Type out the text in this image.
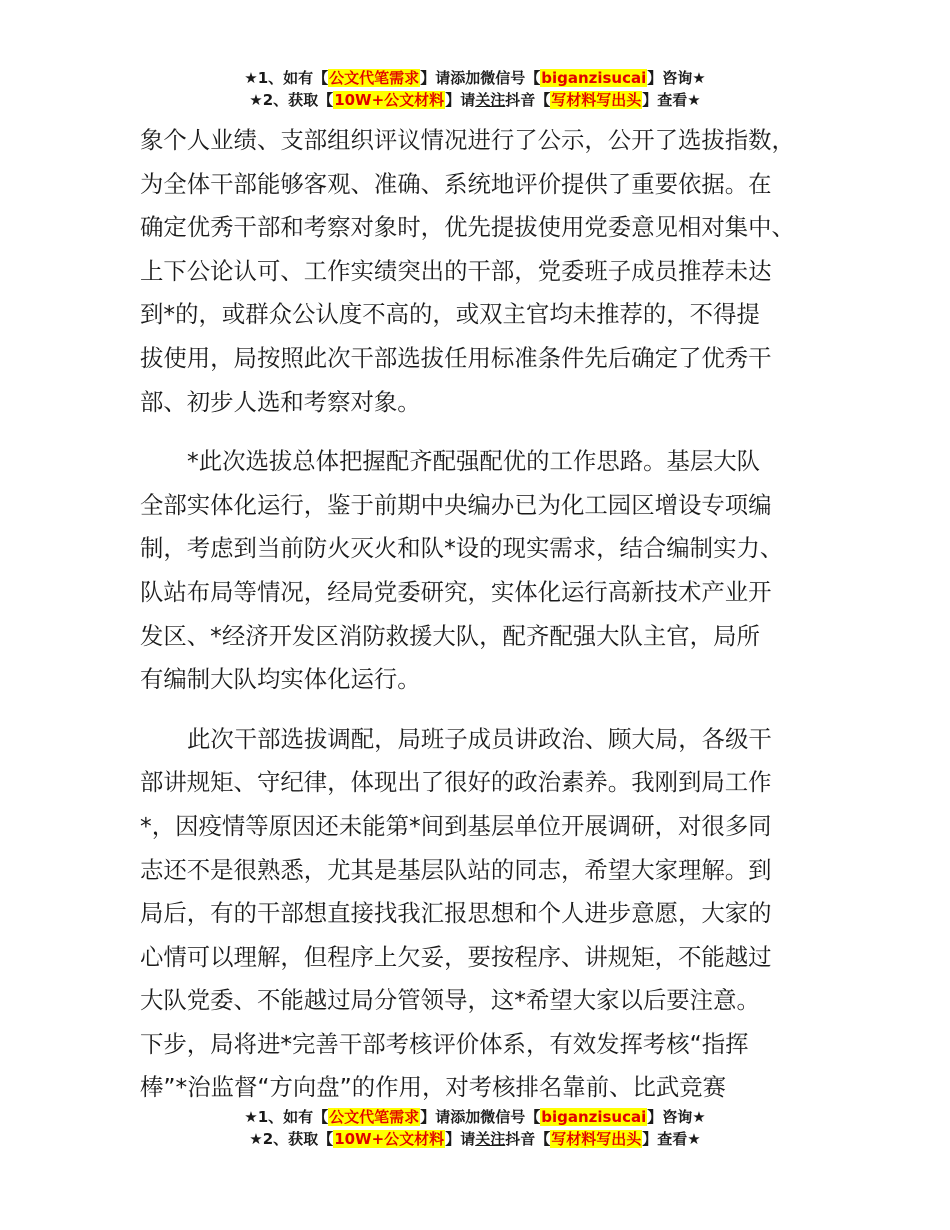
★1、如有【公文代笔需求】请添加微信号【biganzisucai】咨询★
★2、获取【10W+公文材料】请关注抖音【写材料写出头】查看★

象个人业绩、支部组织评议情况进行了公示，公开了选拔指数，
为全体干部能够客观、准确、系统地评价提供了重要依据。在
确定优秀干部和考察对象时，优先提拔使用党委意见相对集中、
上下公论认可、工作实绩突出的干部，党委班子成员推荐未达
到*的，或群众公认度不高的，或双主官均未推荐的，不得提
拔使用，局按照此次干部选拔任用标准条件先后确定了优秀干
部、初步人选和考察对象。

*此次选拔总体把握配齐配强配优的工作思路。基层大队
全部实体化运行，鉴于前期中央编办已为化工园区增设专项编
制，考虑到当前防火灭火和队*设的现实需求，结合编制实力、
队站布局等情况，经局党委研究，实体化运行高新技术产业开
发区、*经济开发区消防救援大队，配齐配强大队主官，局所
有编制大队均实体化运行。

此次干部选拔调配，局班子成员讲政治、顾大局，各级干
部讲规矩、守纪律，体现出了很好的政治素养。我刚到局工作
*，因疫情等原因还未能第*间到基层单位开展调研，对很多同
志还不是很熟悉，尤其是基层队站的同志，希望大家理解。到
局后，有的干部想直接找我汇报思想和个人进步意愿，大家的
心情可以理解，但程序上欠妥，要按程序、讲规矩，不能越过
大队党委、不能越过局分管领导，这*希望大家以后要注意。
下步，局将进*完善干部考核评价体系，有效发挥考核“指挥
棒”*治监督“方向盘”的作用，对考核排名靠前、比武竞赛

★1、如有【公文代笔需求】请添加微信号【biganzisucai】咨询★
★2、获取【10W+公文材料】请关注抖音【写材料写出头】查看★
